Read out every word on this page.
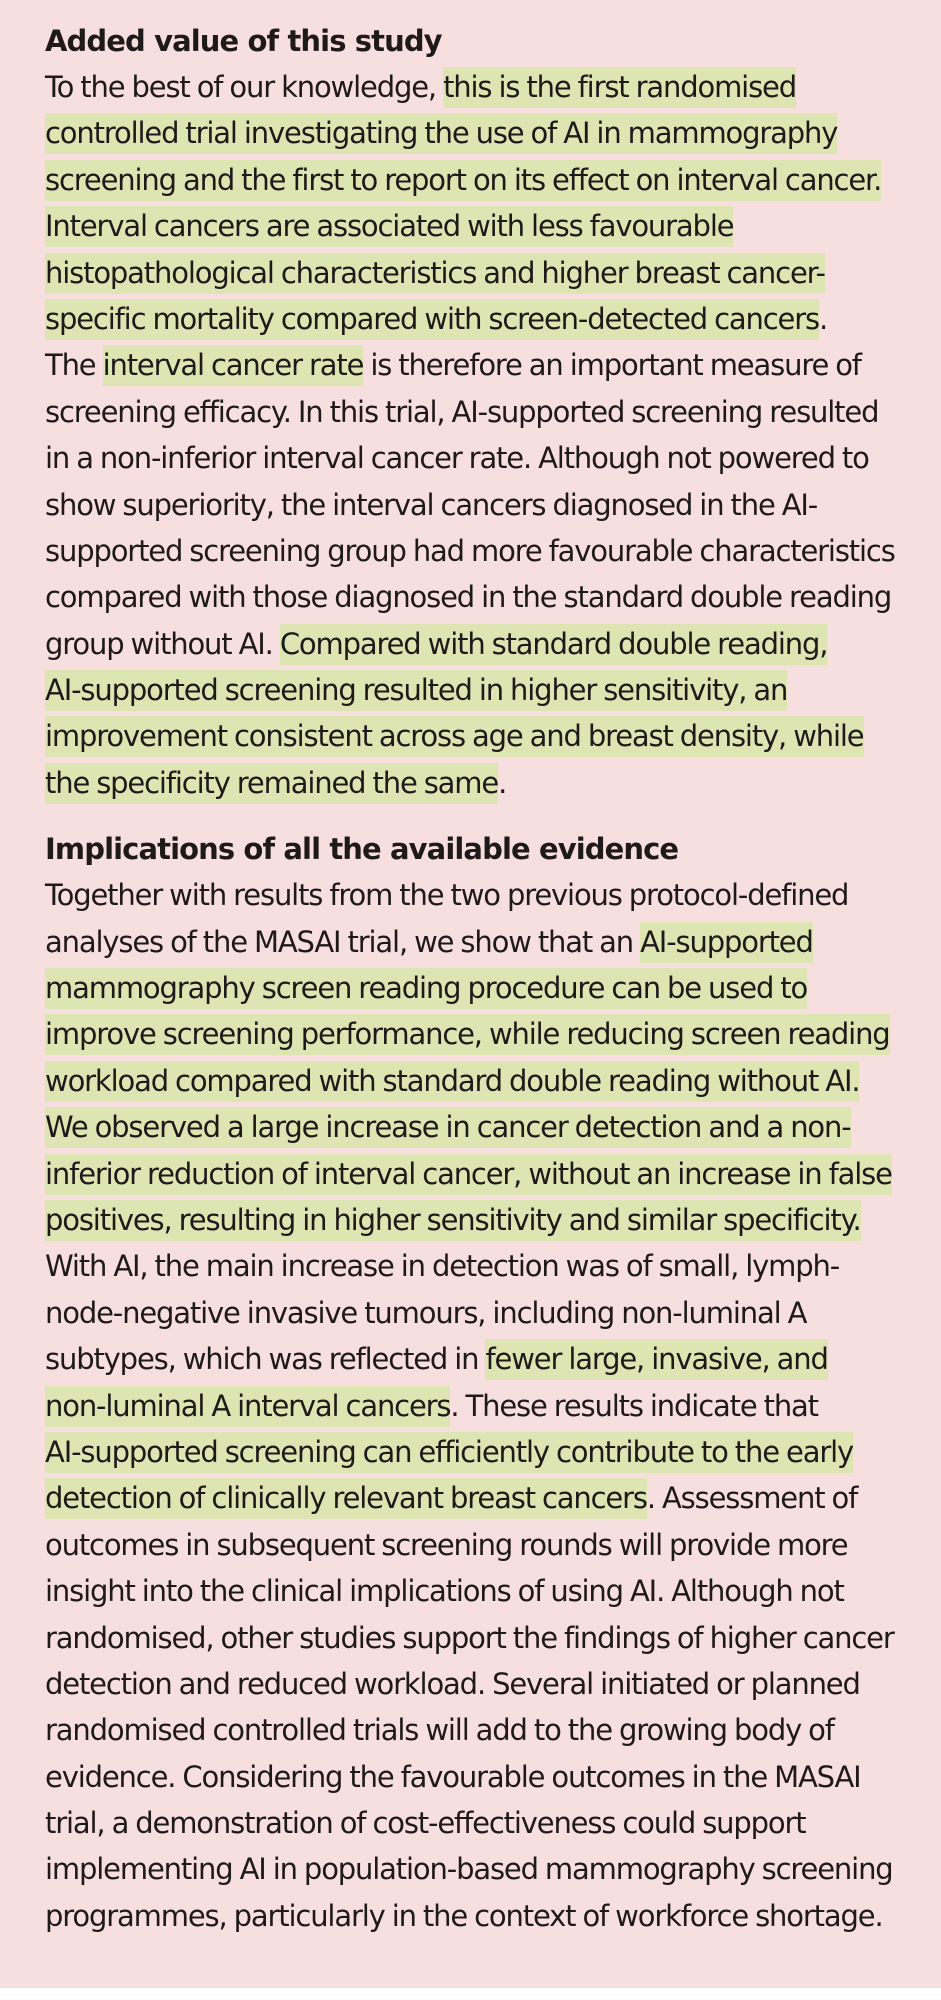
Added value of this study
To the best of our knowledge, this is the first randomised
controlled trial investigating the use of AI in mammography
screening and the first to report on its effect on interval cancer.
Interval cancers are associated with less favourable
histopathological characteristics and higher breast cancer-
specific mortality compared with screen-detected cancers.
The interval cancer rate is therefore an important measure of
screening efficacy. In this trial, AI-supported screening resulted
in a non-inferior interval cancer rate. Although not powered to
show superiority, the interval cancers diagnosed in the AI-
supported screening group had more favourable characteristics
compared with those diagnosed in the standard double reading
group without AI. Compared with standard double reading,
AI-supported screening resulted in higher sensitivity, an
improvement consistent across age and breast density, while
the specificity remained the same.
Implications of all the available evidence
Together with results from the two previous protocol-defined
analyses of the MASAI trial, we show that an AI-supported
mammography screen reading procedure can be used to
improve screening performance, while reducing screen reading
workload compared with standard double reading without AI.
We observed a large increase in cancer detection and a non-
inferior reduction of interval cancer, without an increase in false
positives, resulting in higher sensitivity and similar specificity.
With AI, the main increase in detection was of small, lymph-
node-negative invasive tumours, including non-luminal A
subtypes, which was reflected in fewer large, invasive, and
non-luminal A interval cancers. These results indicate that
AI-supported screening can efficiently contribute to the early
detection of clinically relevant breast cancers. Assessment of
outcomes in subsequent screening rounds will provide more
insight into the clinical implications of using AI. Although not
randomised, other studies support the findings of higher cancer
detection and reduced workload. Several initiated or planned
randomised controlled trials will add to the growing body of
evidence. Considering the favourable outcomes in the MASAI
trial, a demonstration of cost-effectiveness could support
implementing AI in population-based mammography screening
programmes, particularly in the context of workforce shortage.
